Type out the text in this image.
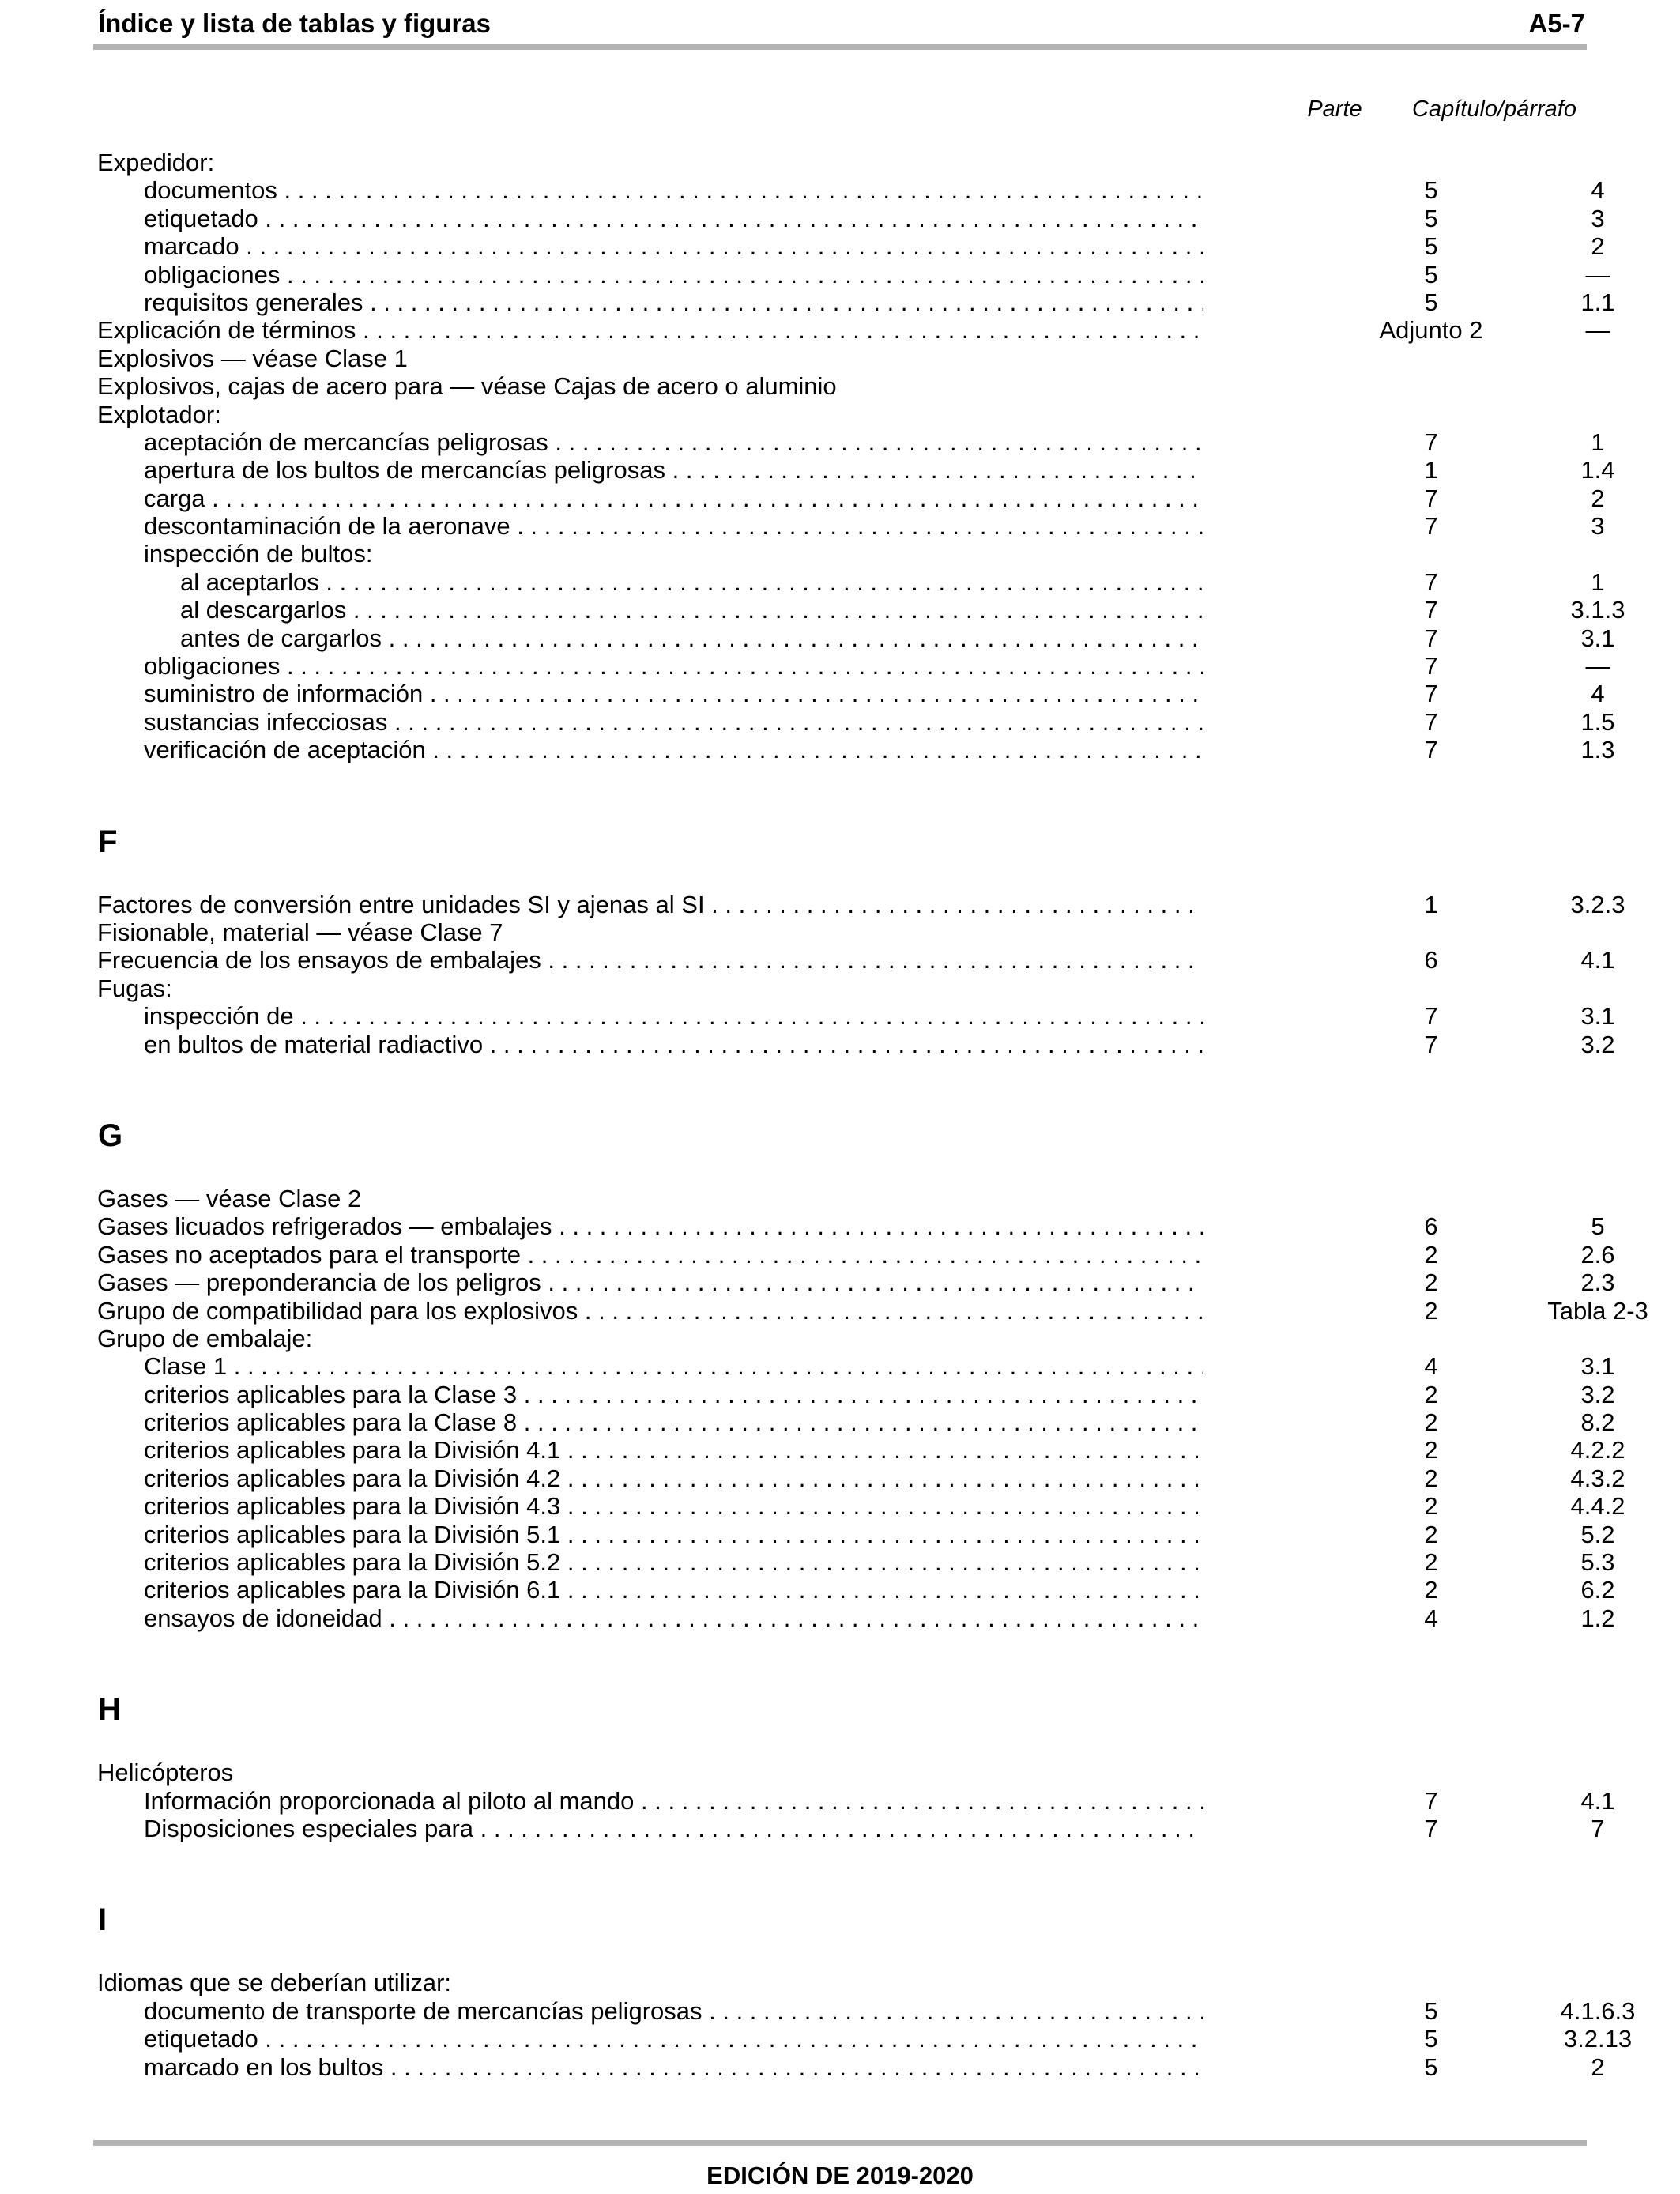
Índice y lista de tablas y figuras	A5-7
Parte	Capítulo/párrafo
Expedidor:
documentos . . .	5	4
etiquetado . . .	5	3
marcado . . .	5	2
obligaciones . . .	5	—
requisitos generales . . .	5	1.1
Explicación de términos . . .	Adjunto 2	—
Explosivos — véase Clase 1
Explosivos, cajas de acero para — véase Cajas de acero o aluminio
Explotador:
aceptación de mercancías peligrosas . . .	7	1
apertura de los bultos de mercancías peligrosas . . .	1	1.4
carga . . .	7	2
descontaminación de la aeronave . . .	7	3
inspección de bultos:
al aceptarlos . . .	7	1
al descargarlos . . .	7	3.1.3
antes de cargarlos . . .	7	3.1
obligaciones . . .	7	—
suministro de información . . .	7	4
sustancias infecciosas . . .	7	1.5
verificación de aceptación . . .	7	1.3
F
Factores de conversión entre unidades SI y ajenas al SI . . .	1	3.2.3
Fisionable, material — véase Clase 7
Frecuencia de los ensayos de embalajes . . .	6	4.1
Fugas:
inspección de . . .	7	3.1
en bultos de material radiactivo . . .	7	3.2
G
Gases — véase Clase 2
Gases licuados refrigerados — embalajes . . .	6	5
Gases no aceptados para el transporte . . .	2	2.6
Gases — preponderancia de los peligros . . .	2	2.3
Grupo de compatibilidad para los explosivos . . .	2	Tabla 2-3
Grupo de embalaje:
Clase 1 . . .	4	3.1
criterios aplicables para la Clase 3 . . .	2	3.2
criterios aplicables para la Clase 8 . . .	2	8.2
criterios aplicables para la División 4.1 . . .	2	4.2.2
criterios aplicables para la División 4.2 . . .	2	4.3.2
criterios aplicables para la División 4.3 . . .	2	4.4.2
criterios aplicables para la División 5.1 . . .	2	5.2
criterios aplicables para la División 5.2 . . .	2	5.3
criterios aplicables para la División 6.1 . . .	2	6.2
ensayos de idoneidad . . .	4	1.2
H
Helicópteros
Información proporcionada al piloto al mando . . .	7	4.1
Disposiciones especiales para . . .	7	7
I
Idiomas que se deberían utilizar:
documento de transporte de mercancías peligrosas . . .	5	4.1.6.3
etiquetado . . .	5	3.2.13
marcado en los bultos . . .	5	2
EDICIÓN DE 2019-2020
